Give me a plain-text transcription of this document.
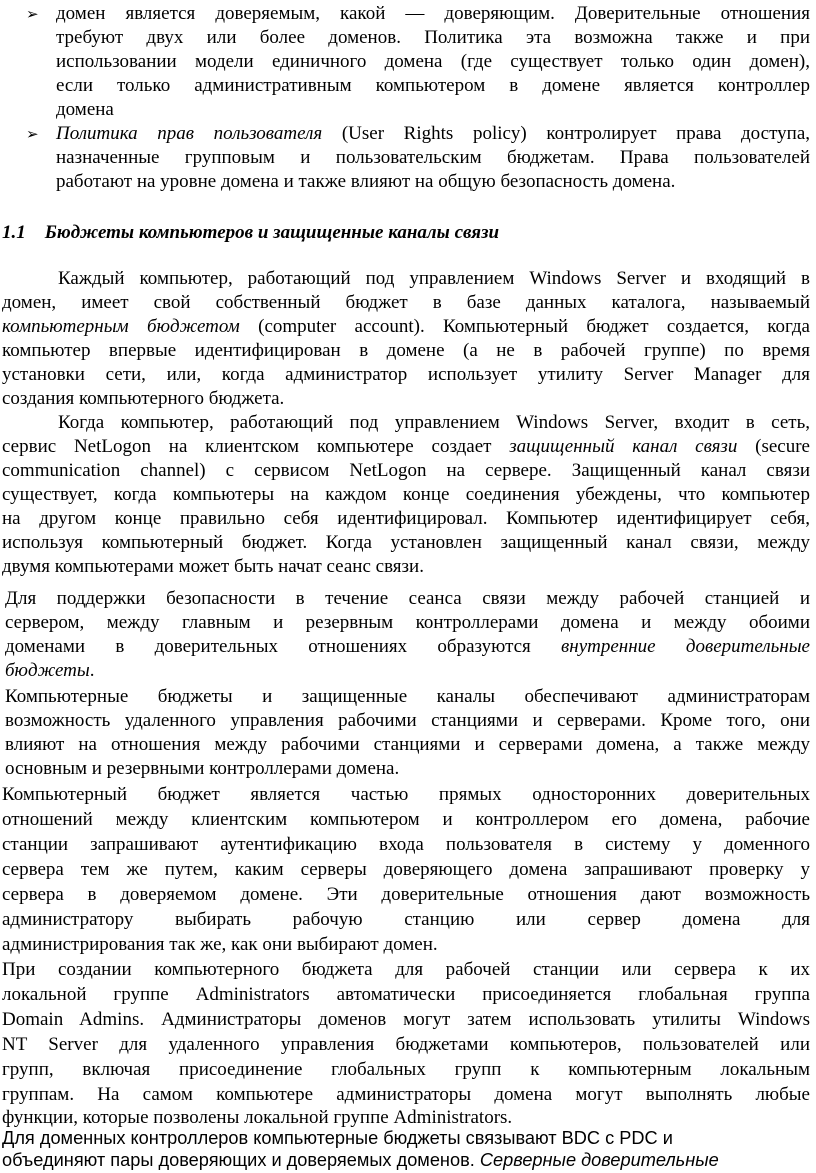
➢ домен является доверяемым, какой — доверяющим. Доверительные отношения
требуют двух или более доменов. Политика эта возможна также и при
использовании модели единичного домена (где существует только один домен),
если только административным компьютером в домене является контроллер
домена
➢ Политика прав пользователя (User Rights policy) контролирует права доступа,
назначенные групповым и пользовательским бюджетам. Права пользователей
работают на уровне домена и также влияют на общую безопасность домена.
1.1 Бюджеты компьютеров и защищенные каналы связи
Каждый компьютер, работающий под управлением Windows Server и входящий в
домен, имеет свой собственный бюджет в базе данных каталога, называемый
компьютерным бюджетом (computer account). Компьютерный бюджет создается, когда
компьютер впервые идентифицирован в домене (а не в рабочей группе) по время
установки сети, или, когда администратор использует утилиту Server Manager для
создания компьютерного бюджета.
Когда компьютер, работающий под управлением Windows Server, входит в сеть,
сервис NetLogon на клиентском компьютере создает защищенный канал связи (secure
communication channel) с сервисом NetLogon на сервере. Защищенный канал связи
существует, когда компьютеры на каждом конце соединения убеждены, что компьютер
на другом конце правильно себя идентифицировал. Компьютер идентифицирует себя,
используя компьютерный бюджет. Когда установлен защищенный канал связи, между
двумя компьютерами может быть начат сеанс связи.
Для поддержки безопасности в течение сеанса связи между рабочей станцией и
сервером, между главным и резервным контроллерами домена и между обоими
доменами в доверительных отношениях образуются внутренние доверительные
бюджеты.
Компьютерные бюджеты и защищенные каналы обеспечивают администраторам
возможность удаленного управления рабочими станциями и серверами. Кроме того, они
влияют на отношения между рабочими станциями и серверами домена, а также между
основным и резервными контроллерами домена.
Компьютерный бюджет является частью прямых односторонних доверительных
отношений между клиентским компьютером и контроллером его домена, рабочие
станции запрашивают аутентификацию входа пользователя в систему у доменного
сервера тем же путем, каким серверы доверяющего домена запрашивают проверку у
сервера в доверяемом домене. Эти доверительные отношения дают возможность
администратору выбирать рабочую станцию или сервер домена для
администрирования так же, как они выбирают домен.
При создании компьютерного бюджета для рабочей станции или сервера к их
локальной группе Administrators автоматически присоединяется глобальная группа
Domain Admins. Администраторы доменов могут затем использовать утилиты Windows
NT Server для удаленного управления бюджетами компьютеров, пользователей или
групп, включая присоединение глобальных групп к компьютерным локальным
группам. На самом компьютере администраторы домена могут выполнять любые
функции, которые позволены локальной группе Administrators.
Для доменных контроллеров компьютерные бюджеты связывают BDC с PDC и
объединяют пары доверяющих и доверяемых доменов. Серверные доверительные
